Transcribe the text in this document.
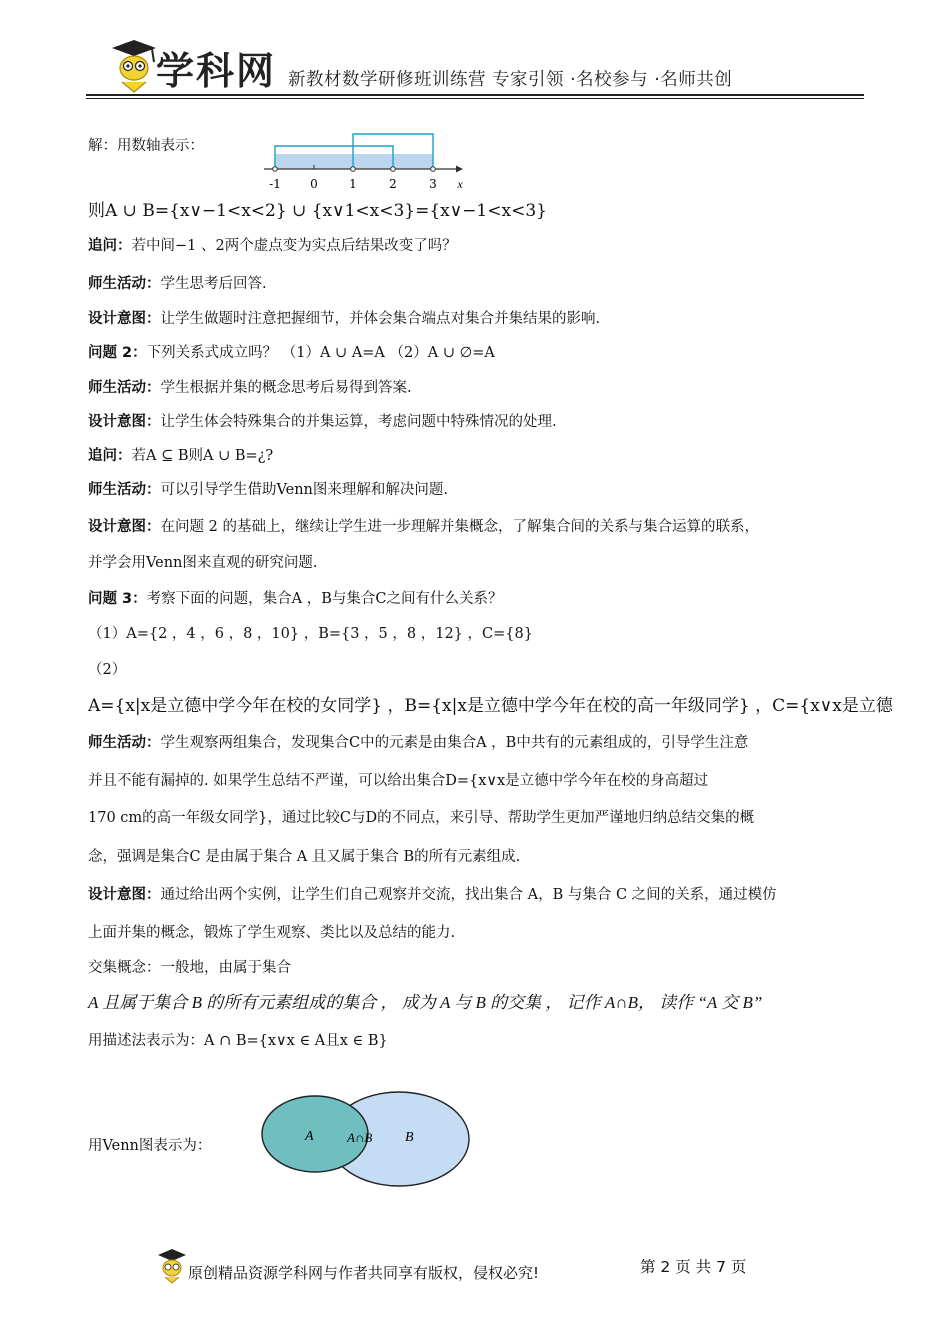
学科网 新教材数学研修班训练营 专家引领 ·名校参与 ·名师共创
解：用数轴表示：
-1 0	1	2	3 x
则A ∪ B={x∨−1<x<2} ∪ {x∨1<x<3}={x∨−1<x<3}
追问：若中间−1 、2两个虚点变为实点后结果改变了吗？
师生活动：学生思考后回答.
设计意图：让学生做题时注意把握细节，并体会集合端点对集合并集结果的影响.
问题 2：下列关系式成立吗？ （1）A ∪ A=A （2）A ∪ ∅=A
师生活动：学生根据并集的概念思考后易得到答案.
设计意图：让学生体会特殊集合的并集运算，考虑问题中特殊情况的处理.
追问：若A ⊆ B则A ∪ B=¿?
师生活动：可以引导学生借助Venn图来理解和解决问题.
设计意图：在问题 2 的基础上，继续让学生进一步理解并集概念，了解集合间的关系与集合运算的联系，
并学会用Venn图来直观的研究问题.
问题 3：考察下面的问题，集合A ，B与集合C之间有什么关系？
（1）A={2 ，4 ，6 ，8 ，10} ，B={3 ，5 ，8 ，12} ，C={8}
（2）
A={x|x是立德中学今年在校的女同学} ，B={x|x是立德中学今年在校的高一年级同学} ，C={x∨x是立德
师生活动：学生观察两组集合，发现集合C中的元素是由集合A ，B中共有的元素组成的，引导学生注意
并且不能有漏掉的. 如果学生总结不严谨，可以给出集合D={x∨x是立德中学今年在校的身高超过
170 cm的高一年级女同学}，通过比较C与D的不同点，来引导、帮助学生更加严谨地归纳总结交集的概
念，强调是集合C 是由属于集合 A 且又属于集合 B的所有元素组成.
设计意图：通过给出两个实例，让学生们自己观察并交流，找出集合 A，B 与集合 C 之间的关系，通过模仿
上面并集的概念，锻炼了学生观察、类比以及总结的能力.
交集概念：一般地，由属于集合
A 且属于集合 B 的所有元素组成的集合 ， 成为 A 与 B 的交集 ， 记作 A∩B， 读作 “A 交 B”
用描述法表示为：A ∩ B={x∨x ∈ A且x ∈ B}
用Venn图表示为：
A	A∩B B
原创精品资源学科网与作者共同享有版权，侵权必究!	第 2 页 共 7 页
